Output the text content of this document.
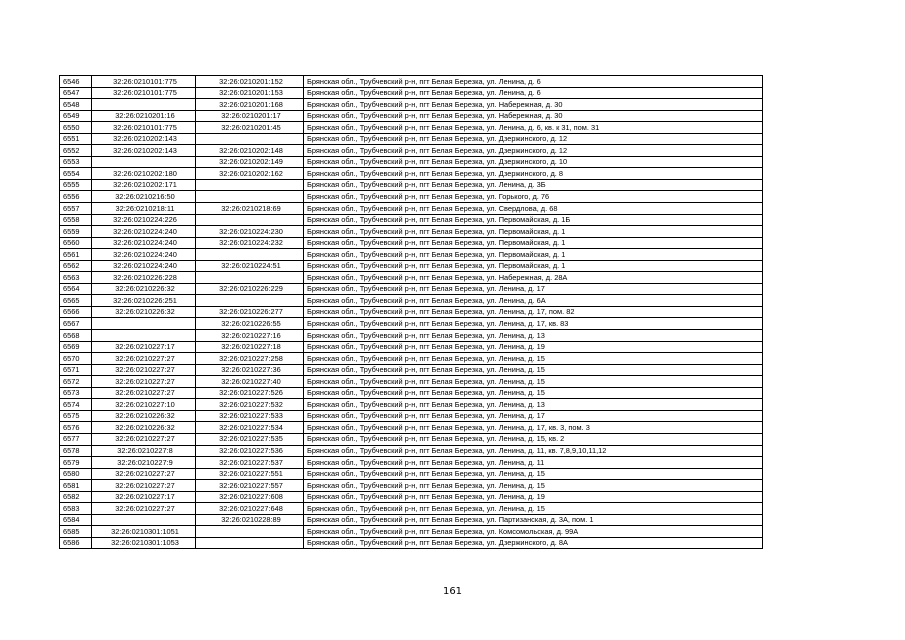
6546	32:26:0210101:775	32:26:0210201:152	Брянская обл., Трубчевский р-н, пгт Белая Березка, ул. Ленина, д. 6
6547	32:26:0210101:775	32:26:0210201:153	Брянская обл., Трубчевский р-н, пгт Белая Березка, ул. Ленина, д. 6
6548		32:26:0210201:168	Брянская обл., Трубчевский р-н, пгт Белая Березка, ул. Набережная, д. 30
6549	32:26:0210201:16	32:26:0210201:17	Брянская обл., Трубчевский р-н, пгт Белая Березка, ул. Набережная, д. 30
6550	32:26:0210101:775	32:26:0210201:45	Брянская обл., Трубчевский р-н, пгт Белая Березка, ул. Ленина, д. 6, кв. к 31, пом. 31
6551	32:26:0210202:143		Брянская обл., Трубчевский р-н, пгт Белая Березка, ул. Дзержинского, д. 12
6552	32:26:0210202:143	32:26:0210202:148	Брянская обл., Трубчевский р-н, пгт Белая Березка, ул. Дзержинского, д. 12
6553		32:26:0210202:149	Брянская обл., Трубчевский р-н, пгт Белая Березка, ул. Дзержинского, д. 10
6554	32:26:0210202:180	32:26:0210202:162	Брянская обл., Трубчевский р-н, пгт Белая Березка, ул. Дзержинского, д. 8
6555	32:26:0210202:171		Брянская обл., Трубчевский р-н, пгт Белая Березка, ул. Ленина, д. 3Б
6556	32:26:0210216:50		Брянская обл., Трубчевский р-н, пгт Белая Березка, ул. Горького, д. 76
6557	32:26:0210218:11	32:26:0210218:69	Брянская обл., Трубчевский р-н, пгт Белая Березка, ул. Свердлова, д. 68
6558	32:26:0210224:226		Брянская обл., Трубчевский р-н, пгт Белая Березка, ул. Первомайская, д. 1Б
6559	32:26:0210224:240	32:26:0210224:230	Брянская обл., Трубчевский р-н, пгт Белая Березка, ул. Первомайская, д. 1
6560	32:26:0210224:240	32:26:0210224:232	Брянская обл., Трубчевский р-н, пгт Белая Березка, ул. Первомайская, д. 1
6561	32:26:0210224:240		Брянская обл., Трубчевский р-н, пгт Белая Березка, ул. Первомайская, д. 1
6562	32:26:0210224:240	32:26:0210224:51	Брянская обл., Трубчевский р-н, пгт Белая Березка, ул. Первомайская, д. 1
6563	32:26:0210226:228		Брянская обл., Трубчевский р-н, пгт Белая Березка, ул. Набережная, д. 28А
6564	32:26:0210226:32	32:26:0210226:229	Брянская обл., Трубчевский р-н, пгт Белая Березка, ул. Ленина, д. 17
6565	32:26:0210226:251		Брянская обл., Трубчевский р-н, пгт Белая Березка, ул. Ленина, д. 6А
6566	32:26:0210226:32	32:26:0210226:277	Брянская обл., Трубчевский р-н, пгт Белая Березка, ул. Ленина, д. 17, пом. 82
6567		32:26:0210226:55	Брянская обл., Трубчевский р-н, пгт Белая Березка, ул. Ленина, д. 17, кв. 83
6568		32:26:0210227:16	Брянская обл., Трубчевский р-н, пгт Белая Березка, ул. Ленина, д. 13
6569	32:26:0210227:17	32:26:0210227:18	Брянская обл., Трубчевский р-н, пгт Белая Березка, ул. Ленина, д. 19
6570	32:26:0210227:27	32:26:0210227:258	Брянская обл., Трубчевский р-н, пгт Белая Березка, ул. Ленина, д. 15
6571	32:26:0210227:27	32:26:0210227:36	Брянская обл., Трубчевский р-н, пгт Белая Березка, ул. Ленина, д. 15
6572	32:26:0210227:27	32:26:0210227:40	Брянская обл., Трубчевский р-н, пгт Белая Березка, ул. Ленина, д. 15
6573	32:26:0210227:27	32:26:0210227:526	Брянская обл., Трубчевский р-н, пгт Белая Березка, ул. Ленина, д. 15
6574	32:26:0210227:10	32:26:0210227:532	Брянская обл., Трубчевский р-н, пгт Белая Березка, ул. Ленина, д. 13
6575	32:26:0210226:32	32:26:0210227:533	Брянская обл., Трубчевский р-н, пгт Белая Березка, ул. Ленина, д. 17
6576	32:26:0210226:32	32:26:0210227:534	Брянская обл., Трубчевский р-н, пгт Белая Березка, ул. Ленина, д. 17, кв. 3, пом. 3
6577	32:26:0210227:27	32:26:0210227:535	Брянская обл., Трубчевский р-н, пгт Белая Березка, ул. Ленина, д. 15, кв. 2
6578	32:26:0210227:8	32:26:0210227:536	Брянская обл., Трубчевский р-н, пгт Белая Березка, ул. Ленина, д. 11, кв. 7,8,9,10,11,12
6579	32:26:0210227:9	32:26:0210227:537	Брянская обл., Трубчевский р-н, пгт Белая Березка, ул. Ленина, д. 11
6580	32:26:0210227:27	32:26:0210227:551	Брянская обл., Трубчевский р-н, пгт Белая Березка, ул. Ленина, д. 15
6581	32:26:0210227:27	32:26:0210227:557	Брянская обл., Трубчевский р-н, пгт Белая Березка, ул. Ленина, д. 15
6582	32:26:0210227:17	32:26:0210227:608	Брянская обл., Трубчевский р-н, пгт Белая Березка, ул. Ленина, д. 19
6583	32:26:0210227:27	32:26:0210227:648	Брянская обл., Трубчевский р-н, пгт Белая Березка, ул. Ленина, д. 15
6584		32:26:0210228:89	Брянская обл., Трубчевский р-н, пгт Белая Березка, ул. Партизанская, д. 3А, пом. 1
6585	32:26:0210301:1051		Брянская обл., Трубчевский р-н, пгт Белая Березка, ул. Комсомольская, д. 99А
6586	32:26:0210301:1053		Брянская обл., Трубчевский р-н, пгт Белая Березка, ул. Дзержинского, д. 8А
161
